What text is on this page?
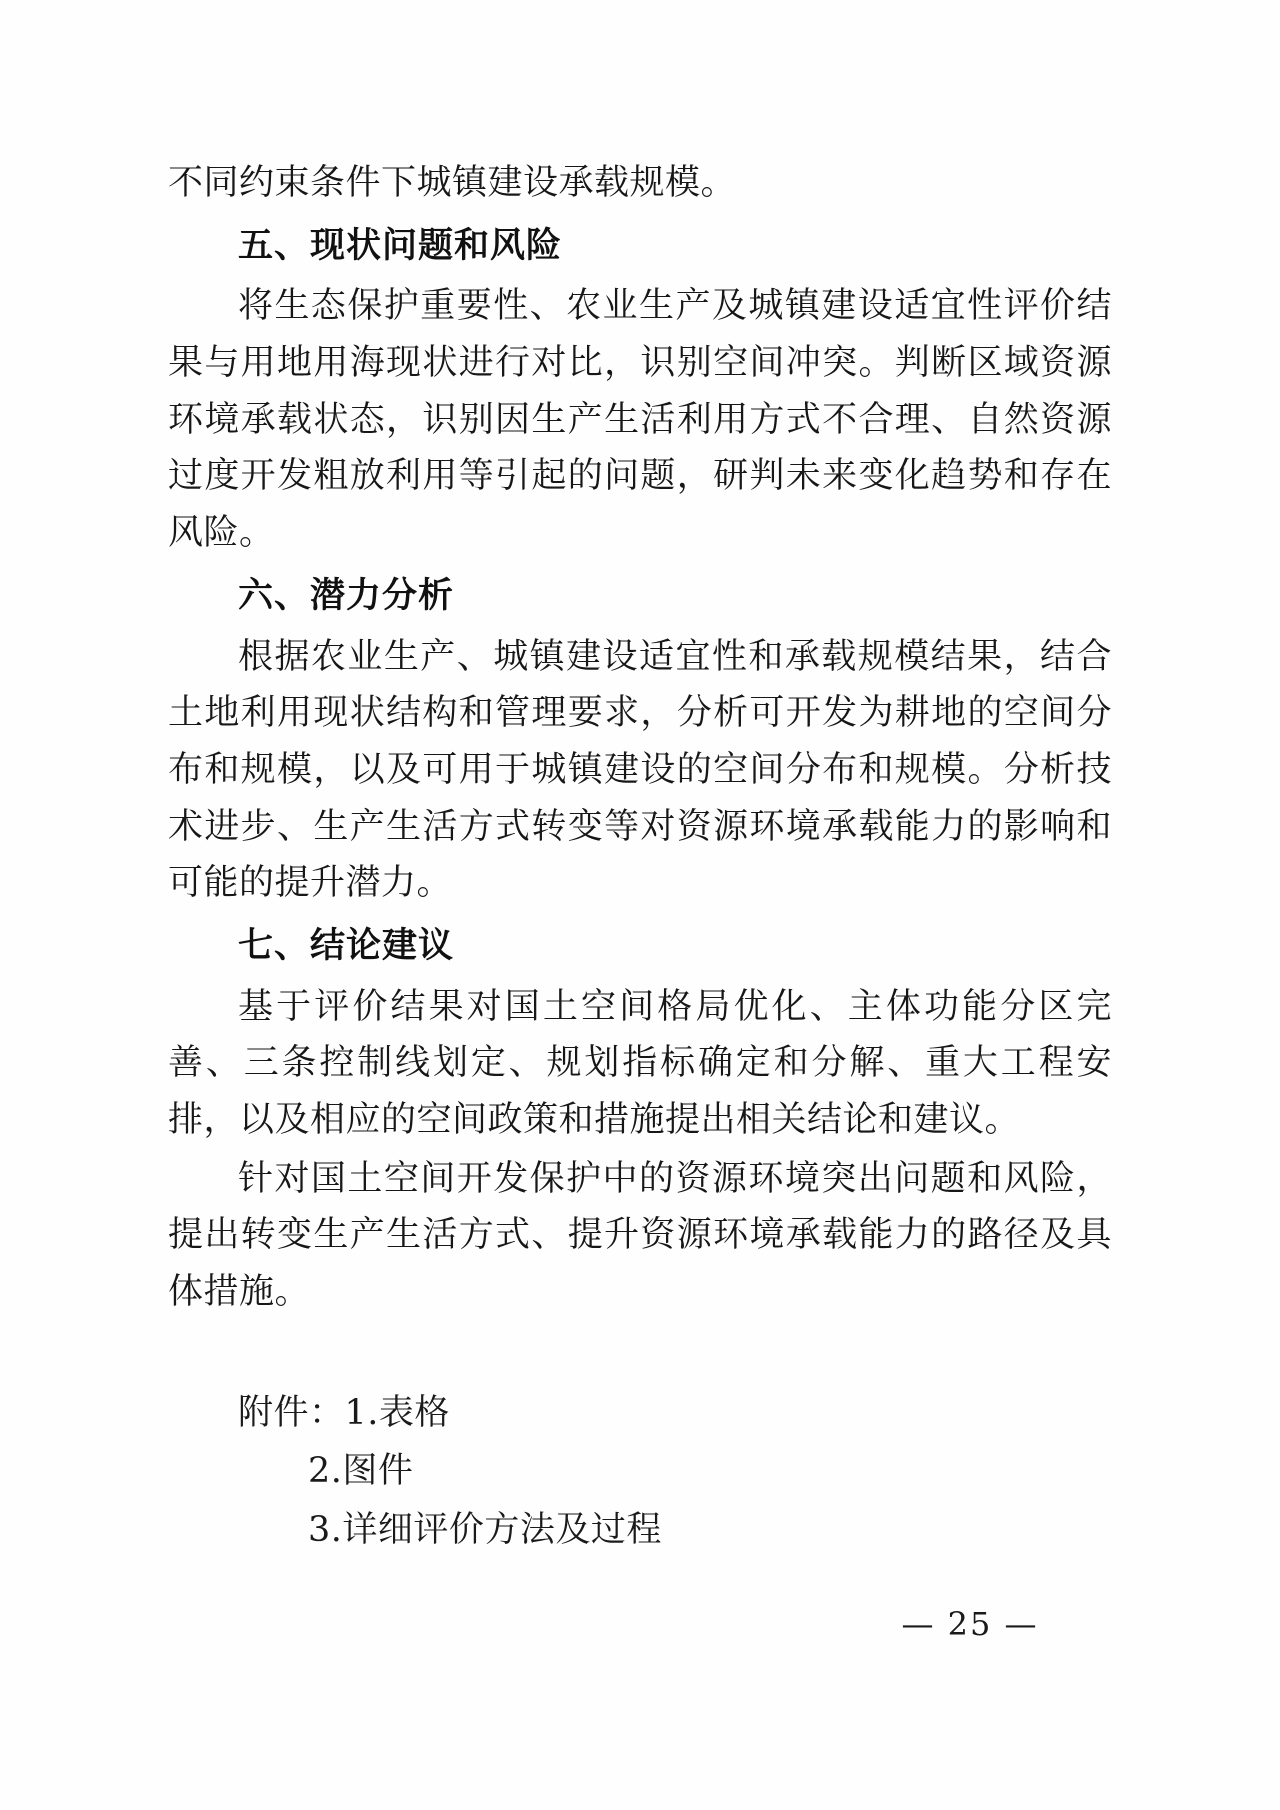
不同约束条件下城镇建设承载规模。

五、现状问题和风险

将生态保护重要性、农业生产及城镇建设适宜性评价结果与用地用海现状进行对比，识别空间冲突。判断区域资源环境承载状态，识别因生产生活利用方式不合理、自然资源过度开发粗放利用等引起的问题，研判未来变化趋势和存在风险。

六、潜力分析

根据农业生产、城镇建设适宜性和承载规模结果，结合土地利用现状结构和管理要求，分析可开发为耕地的空间分布和规模，以及可用于城镇建设的空间分布和规模。分析技术进步、生产生活方式转变等对资源环境承载能力的影响和可能的提升潜力。

七、结论建议

基于评价结果对国土空间格局优化、主体功能分区完善、三条控制线划定、规划指标确定和分解、重大工程安排，以及相应的空间政策和措施提出相关结论和建议。

针对国土空间开发保护中的资源环境突出问题和风险，提出转变生产生活方式、提升资源环境承载能力的路径及具体措施。

附件：1.表格

2.图件

3.详细评价方法及过程

— 25 —
